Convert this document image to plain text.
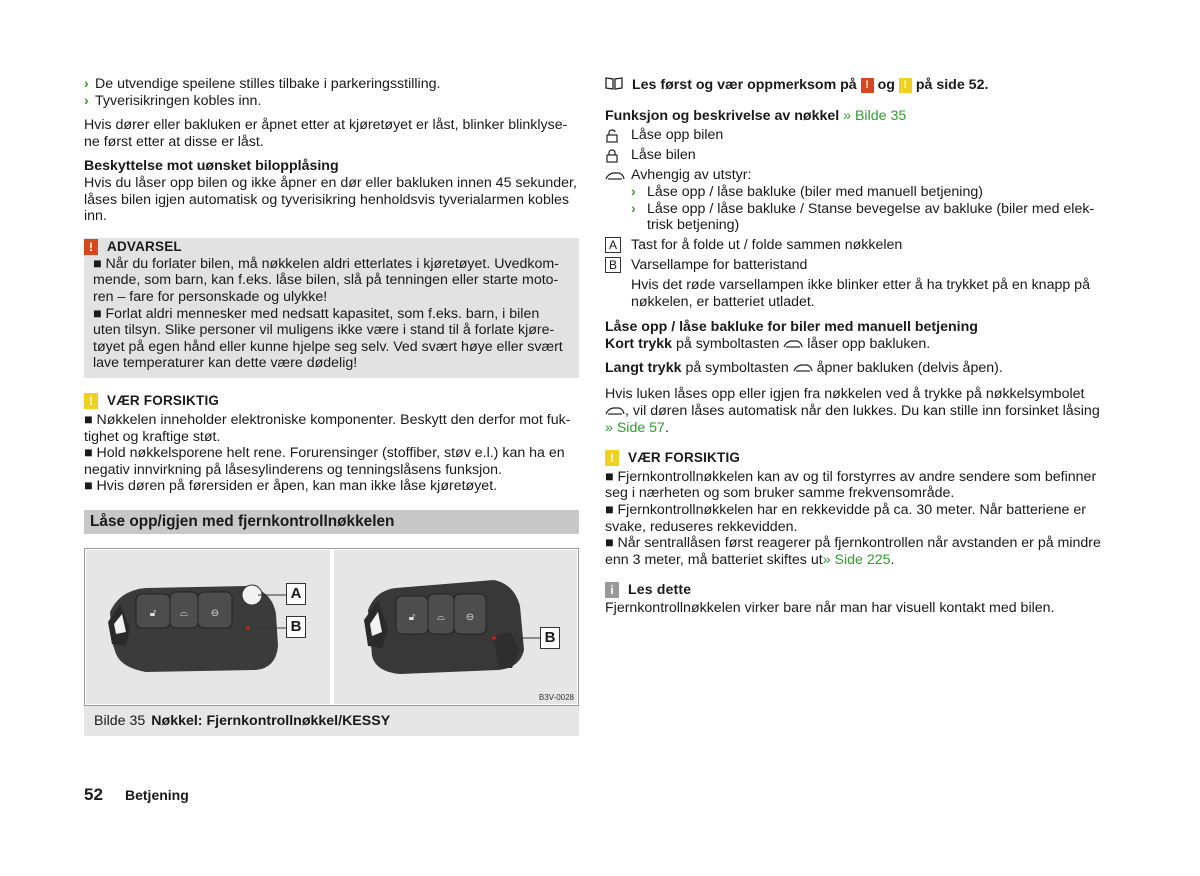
› De utvendige speilene stilles tilbake i parkeringsstilling.
› Tyverisikringen kobles inn.
Hvis dører eller bakluken er åpnet etter at kjøretøyet er låst, blinker blinklyse-ne først etter at disse er låst.
Beskyttelse mot uønsket bilopplåsing
Hvis du låser opp bilen og ikke åpner en dør eller bakluken innen 45 sekunder, låses bilen igjen automatisk og tyverisikring henholdsvis tyverialarmen kobles inn.
!	ADVARSEL
■ Når du forlater bilen, må nøkkelen aldri etterlates i kjøretøyet. Uvedkom-mende, som barn, kan f.eks. låse bilen, slå på tenningen eller starte moto-ren – fare for personskade og ulykke!
■ Forlat aldri mennesker med nedsatt kapasitet, som f.eks. barn, i bilen uten tilsyn. Slike personer vil muligens ikke være i stand til å forlate kjøre-tøyet på egen hånd eller kunne hjelpe seg selv. Ved svært høye eller svært lave temperaturer kan dette være dødelig!
!	VÆR FORSIKTIG
■ Nøkkelen inneholder elektroniske komponenter. Beskytt den derfor mot fuk-tighet og kraftige støt.
■ Hold nøkkelsporene helt rene. Forurensinger (stoffiber, støv e.l.) kan ha en negativ innvirkning på låsesylinderens og tenningslåsens funksjon.
■ Hvis døren på førersiden er åpen, kan man ikke låse kjøretøyet.
Låse opp/igjen med fjernkontrollnøkkelen
🔓︎ ⌓ ⊖
A
B
🔓︎ ⌓ ⊖
B
B3V-0028
Bilde 35 Nøkkel: Fjernkontrollnøkkel/KESSY
Les først og vær oppmerksom på
!
og
!
på side 52.
Funksjon og beskrivelse av nøkkel » Bilde 35
Låse opp bilen
Låse bilen
Avhengig av utstyr:
› Låse opp / låse bakluke (biler med manuell betjening)
› Låse opp / låse bakluke / Stanse bevegelse av bakluke (biler med elek-trisk betjening)
A Tast for å folde ut / folde sammen nøkkelen
B Varsellampe for batteristand
Hvis det røde varsellampen ikke blinker etter å ha trykket på en knapp på nøkkelen, er batteriet utladet.
Låse opp / låse bakluke for biler med manuell betjening
Kort trykk på symboltasten låser opp bakluken.
Langt trykk på symboltasten åpner bakluken (delvis åpen).
Hvis luken låses opp eller igjen fra nøkkelen ved å trykke på nøkkelsymbolet , vil døren låses automatisk når den lukkes. Du kan stille inn forsinket låsing » Side 57.
!	VÆR FORSIKTIG
■ Fjernkontrollnøkkelen kan av og til forstyrres av andre sendere som befinner seg i nærheten og som bruker samme frekvensområde.
■ Fjernkontrollnøkkelen har en rekkevidde på ca. 30 meter. Når batteriene er svake, reduseres rekkevidden.
■ Når sentrallåsen først reagerer på fjernkontrollen når avstanden er på mindre enn 3 meter, må batteriet skiftes ut» Side 225.
i	Les dette
Fjernkontrollnøkkelen virker bare når man har visuell kontakt med bilen.
52	Betjening
